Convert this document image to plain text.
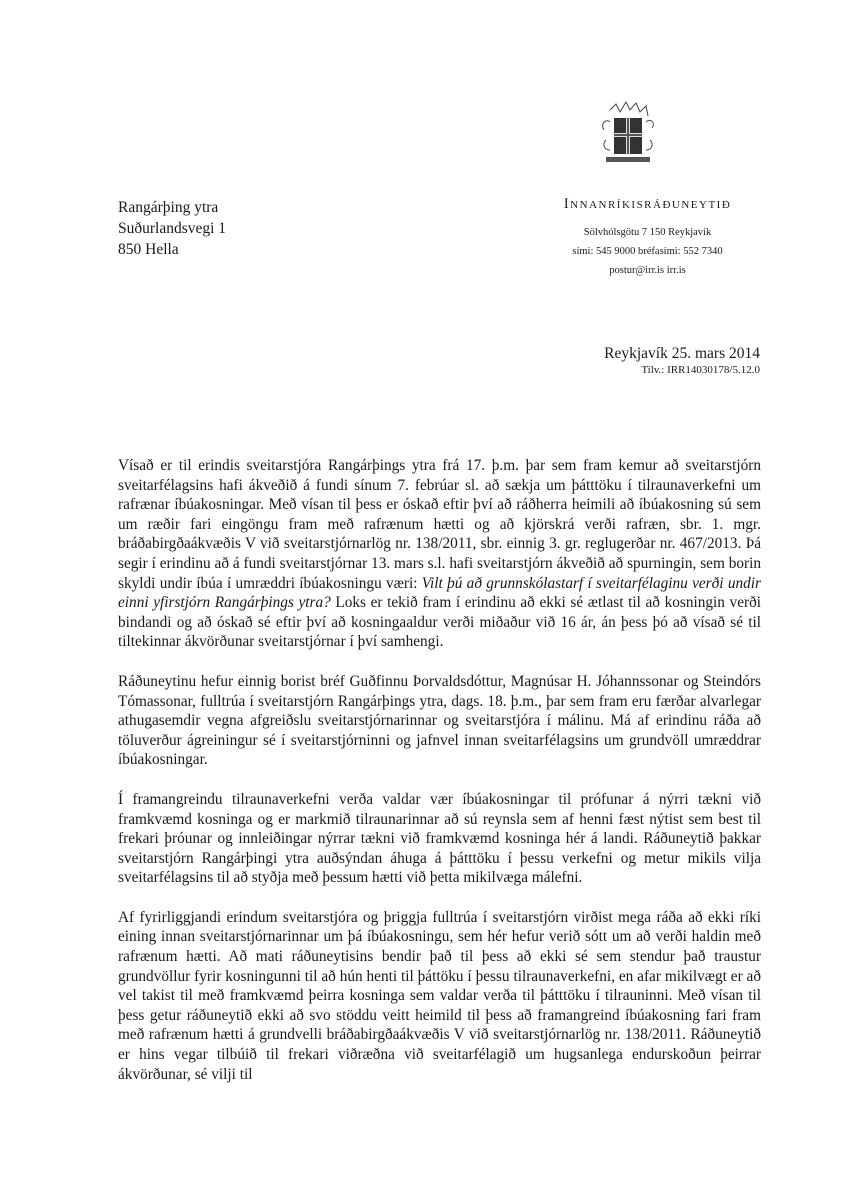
Rangárþing ytra
Suðurlandsvegi 1
850 Hella
Innanríkisráðuneytið
Sölvhólsgötu 7 150 Reykjavík
sími: 545 9000 bréfasími: 552 7340
postur@irr.is irr.is
Reykjavík 25. mars 2014
Tilv.: IRR14030178/5.12.0

Vísað er til erindis sveitarstjóra Rangárþings ytra frá 17. þ.m. þar sem fram kemur að sveitarstjórn sveitarfélagsins hafi ákveðið á fundi sínum 7. febrúar sl. að sækja um þátttöku í tilraunaverkefni um rafrænar íbúakosningar. Með vísan til þess er óskað eftir því að ráðherra heimili að íbúakosning sú sem um ræðir fari eingöngu fram með rafrænum hætti og að kjörskrá verði rafræn, sbr. 1. mgr. bráðabirgðaákvæðis V við sveitarstjórnarlög nr. 138/2011, sbr. einnig 3. gr. reglugerðar nr. 467/2013. Þá segir í erindinu að á fundi sveitarstjórnar 13. mars s.l. hafi sveitarstjórn ákveðið að spurningin, sem borin skyldi undir íbúa í umræddri íbúakosningu væri: Vilt þú að grunnskólastarf í sveitarfélaginu verði undir einni yfirstjórn Rangárþings ytra? Loks er tekið fram í erindinu að ekki sé ætlast til að kosningin verði bindandi og að óskað sé eftir því að kosningaaldur verði miðaður við 16 ár, án þess þó að vísað sé til tiltekinnar ákvörðunar sveitarstjórnar í því samhengi.

Ráðuneytinu hefur einnig borist bréf Guðfinnu Þorvaldsdóttur, Magnúsar H. Jóhannssonar og Steindórs Tómassonar, fulltrúa í sveitarstjórn Rangárþings ytra, dags. 18. þ.m., þar sem fram eru færðar alvarlegar athugasemdir vegna afgreiðslu sveitarstjórnarinnar og sveitarstjóra í málinu. Má af erindinu ráða að töluverður ágreiningur sé í sveitarstjórninni og jafnvel innan sveitarfélagsins um grundvöll umræddrar íbúakosningar.

Í framangreindu tilraunaverkefni verða valdar vær íbúakosningar til prófunar á nýrri tækni við framkvæmd kosninga og er markmið tilraunarinnar að sú reynsla sem af henni fæst nýtist sem best til frekari þróunar og innleiðingar nýrrar tækni við framkvæmd kosninga hér á landi. Ráðuneytið þakkar sveitarstjórn Rangárþingi ytra auðsýndan áhuga á þátttöku í þessu verkefni og metur mikils vilja sveitarfélagsins til að styðja með þessum hætti við þetta mikilvæga málefni.

Af fyrirliggjandi erindum sveitarstjóra og þriggja fulltrúa í sveitarstjórn virðist mega ráða að ekki ríki eining innan sveitarstjórnarinnar um þá íbúakosningu, sem hér hefur verið sótt um að verði haldin með rafrænum hætti. Að mati ráðuneytisins bendir það til þess að ekki sé sem stendur það traustur grundvöllur fyrir kosningunni til að hún henti til þáttöku í þessu tilraunaverkefni, en afar mikilvægt er að vel takist til með framkvæmd þeirra kosninga sem valdar verða til þátttöku í tilrauninni. Með vísan til þess getur ráðuneytið ekki að svo stöddu veitt heimild til þess að framangreind íbúakosning fari fram með rafrænum hætti á grundvelli bráðabirgðaákvæðis V við sveitarstjórnarlög nr. 138/2011. Ráðuneytið er hins vegar tilbúið til frekari viðræðna við sveitarfélagið um hugsanlega endurskoðun þeirrar ákvörðunar, sé vilji til
